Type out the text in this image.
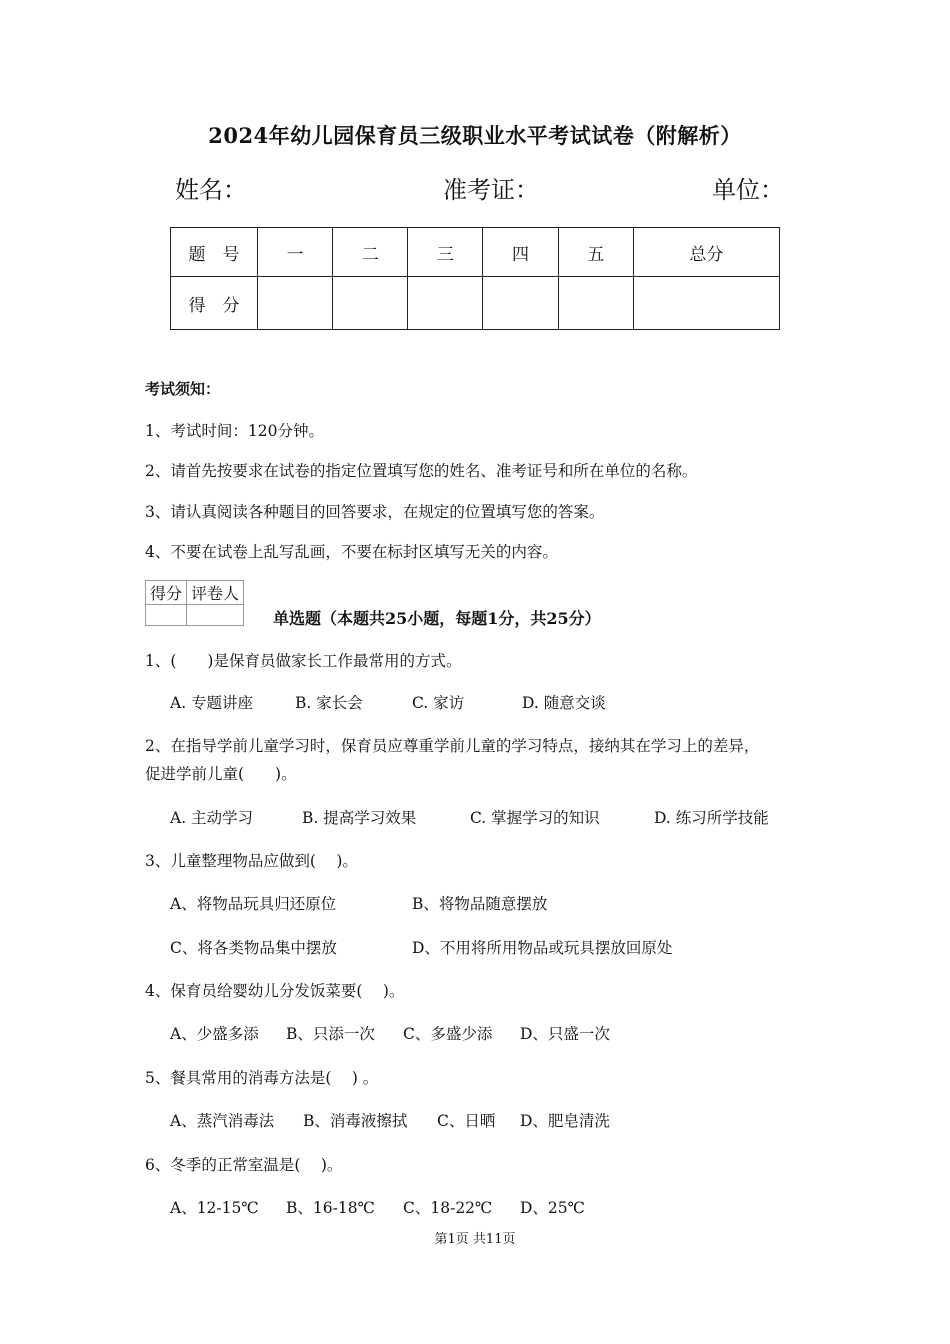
2024年幼儿园保育员三级职业水平考试试卷（附解析）
姓名：	准考证：	单位：
题　号	一	二	三	四	五	总分
得　分						
考试须知：
1、考试时间：120分钟。
2、请首先按要求在试卷的指定位置填写您的姓名、准考证号和所在单位的名称。
3、请认真阅读各种题目的回答要求，在规定的位置填写您的答案。
4、不要在试卷上乱写乱画，不要在标封区填写无关的内容。
得分	评卷人

单选题（本题共25小题，每题1分，共25分）
1、(　　)是保育员做家长工作最常用的方式。
A. 专题讲座	B. 家长会	C. 家访	D. 随意交谈
2、在指导学前儿童学习时，保育员应尊重学前儿童的学习特点，接纳其在学习上的差异，
促进学前儿童(　　)。
A. 主动学习	B. 提高学习效果	C. 掌握学习的知识	D. 练习所学技能
3、儿童整理物品应做到(　 )。
A、将物品玩具归还原位	B、将物品随意摆放
C、将各类物品集中摆放	D、不用将所用物品或玩具摆放回原处
4、保育员给婴幼儿分发饭菜要(　 )。
A、少盛多添 B、只添一次 C、多盛少添 D、只盛一次
5、餐具常用的消毒方法是(　 ) 。
A、蒸汽消毒法 B、消毒液擦拭 C、日晒 D、肥皂清洗
6、冬季的正常室温是(　 )。
A、12-15℃ B、16-18℃ C、18-22℃ D、25℃
第1页 共11页
